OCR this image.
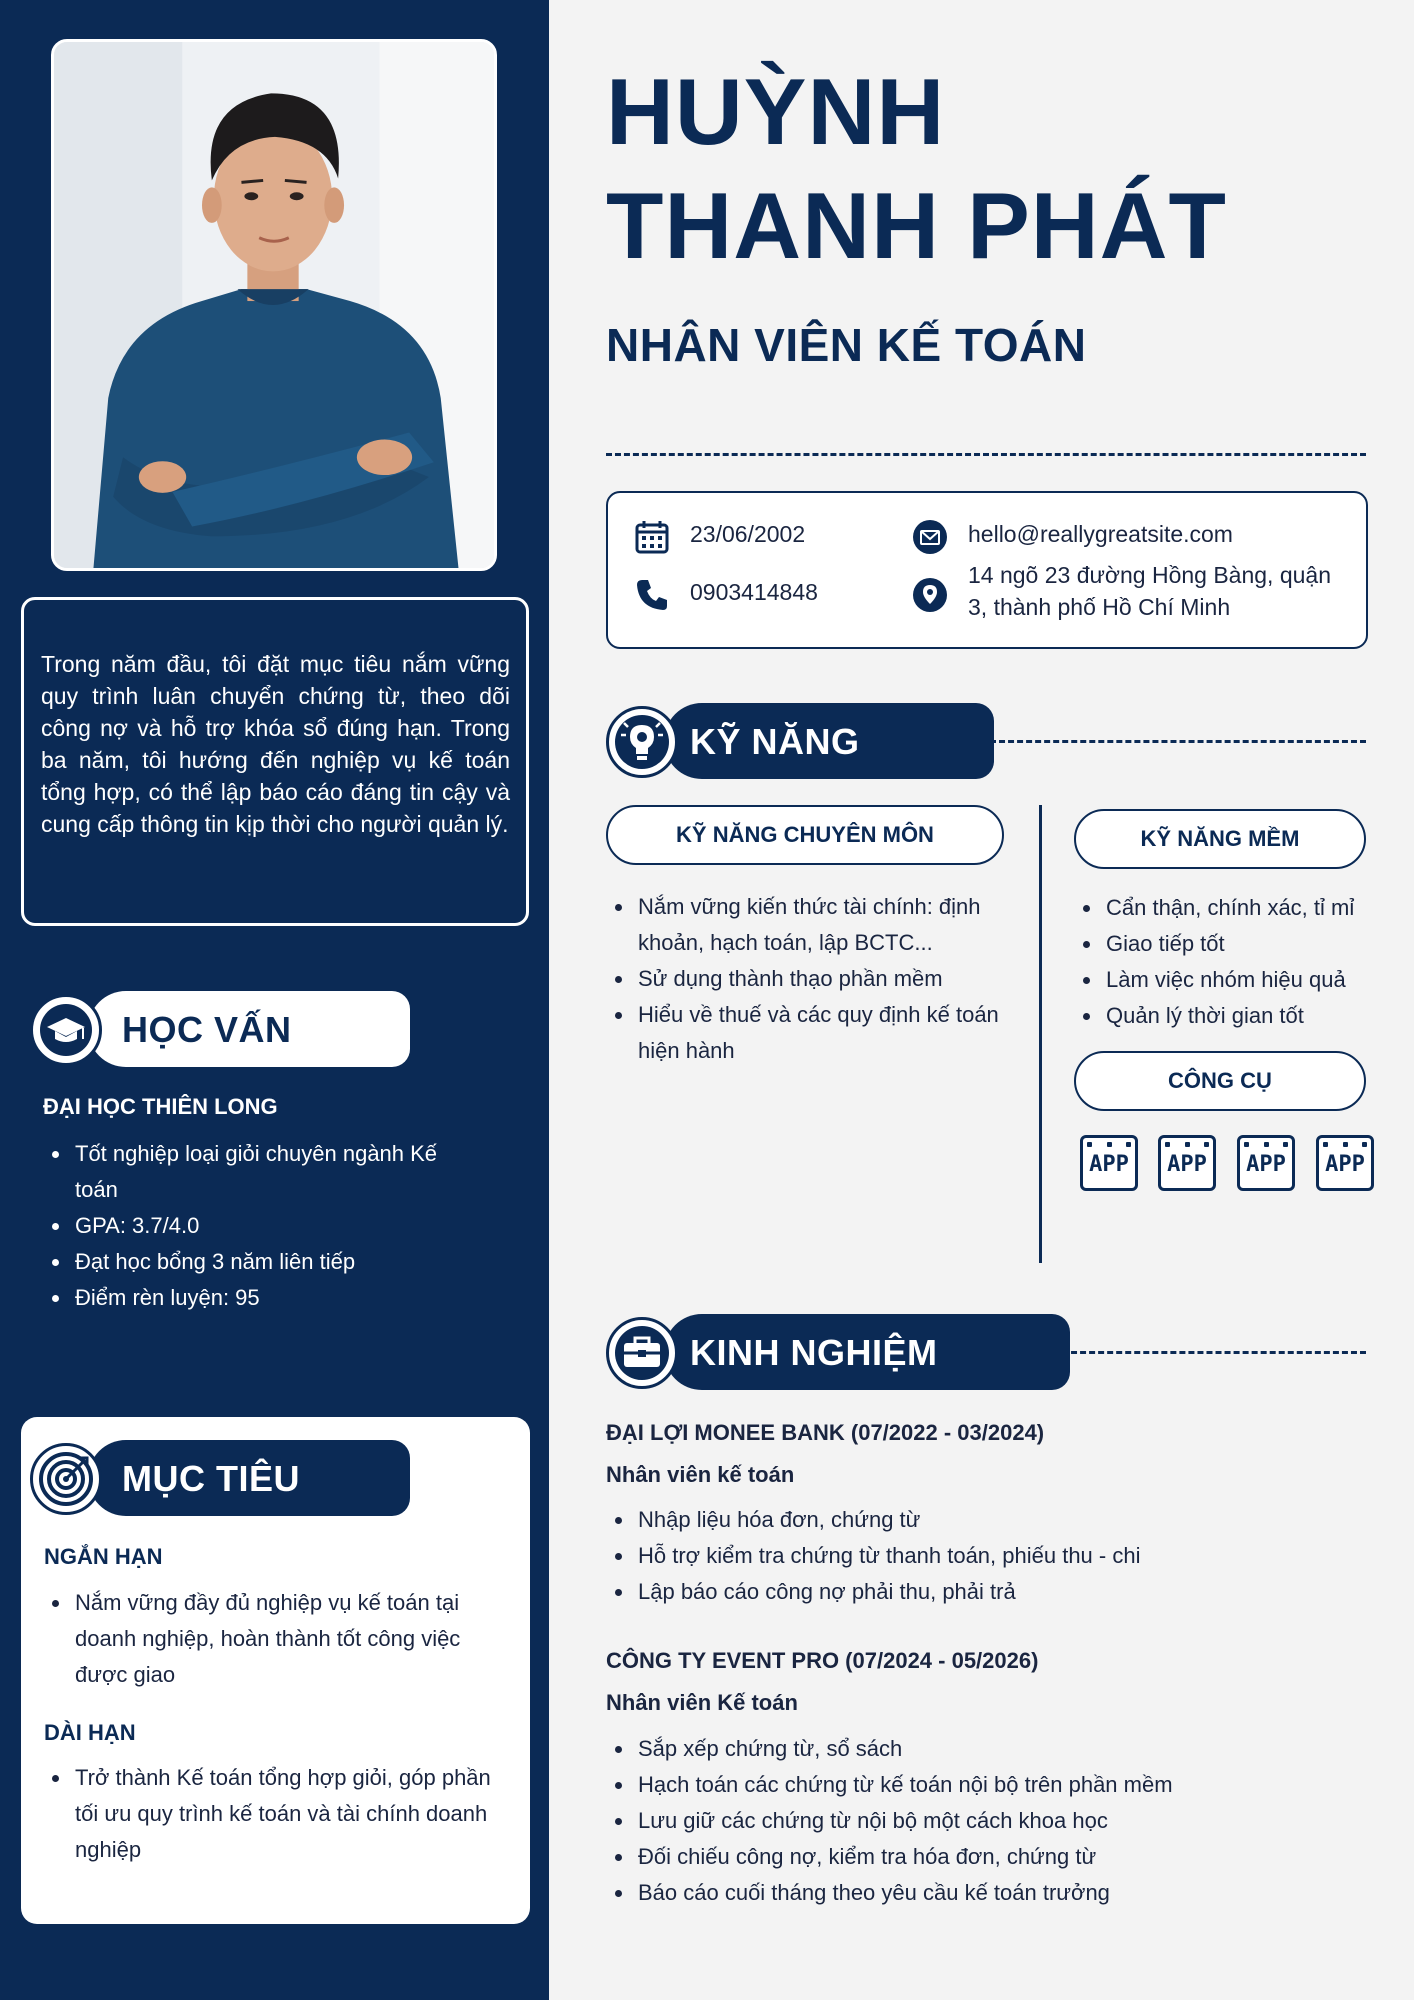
Trong năm đầu, tôi đặt mục tiêu nắm vững quy trình luân chuyển chứng từ, theo dõi công nợ và hỗ trợ khóa sổ đúng hạn. Trong ba năm, tôi hướng đến nghiệp vụ kế toán tổng hợp, có thể lập báo cáo đáng tin cậy và cung cấp thông tin kịp thời cho người quản lý.

HỌC VẤN
ĐẠI HỌC THIÊN LONG
Tốt nghiệp loại giỏi chuyên ngành Kế
toán
GPA: 3.7/4.0
Đạt học bổng 3 năm liên tiếp
Điểm rèn luyện: 95
MỤC TIÊU
NGẮN HẠN
Nắm vững đầy đủ nghiệp vụ kế toán tại
doanh nghiệp, hoàn thành tốt công việc
được giao
DÀI HẠN
Trở thành Kế toán tổng hợp giỏi, góp phần
tối ưu quy trình kế toán và tài chính doanh
nghiệp
HUỲNH
THANH PHÁT
NHÂN VIÊN KẾ TOÁN
23/06/2002
0903414848
hello@reallygreatsite.com
14 ngõ 23 đường Hồng Bàng, quận
3, thành phố Hồ Chí Minh
KỸ NĂNG
KỸ NĂNG CHUYÊN MÔN
Nắm vững kiến thức tài chính: định
khoản, hạch toán, lập BCTC...
Sử dụng thành thạo phần mềm
Hiểu về thuế và các quy định kế toán
hiện hành
KỸ NĂNG MỀM
Cẩn thận, chính xác, tỉ mỉ
Giao tiếp tốt
Làm việc nhóm hiệu quả
Quản lý thời gian tốt
CÔNG CỤ
APP APP APP APP
KINH NGHIỆM
ĐẠI LỢI MONEE BANK (07/2022 - 03/2024)
Nhân viên kế toán
Nhập liệu hóa đơn, chứng từ
Hỗ trợ kiểm tra chứng từ thanh toán, phiếu thu - chi
Lập báo cáo công nợ phải thu, phải trả
CÔNG TY EVENT PRO (07/2024 - 05/2026)
Nhân viên Kế toán
Sắp xếp chứng từ, sổ sách
Hạch toán các chứng từ kế toán nội bộ trên phần mềm
Lưu giữ các chứng từ nội bộ một cách khoa học
Đối chiếu công nợ, kiểm tra hóa đơn, chứng từ
Báo cáo cuối tháng theo yêu cầu kế toán trưởng
